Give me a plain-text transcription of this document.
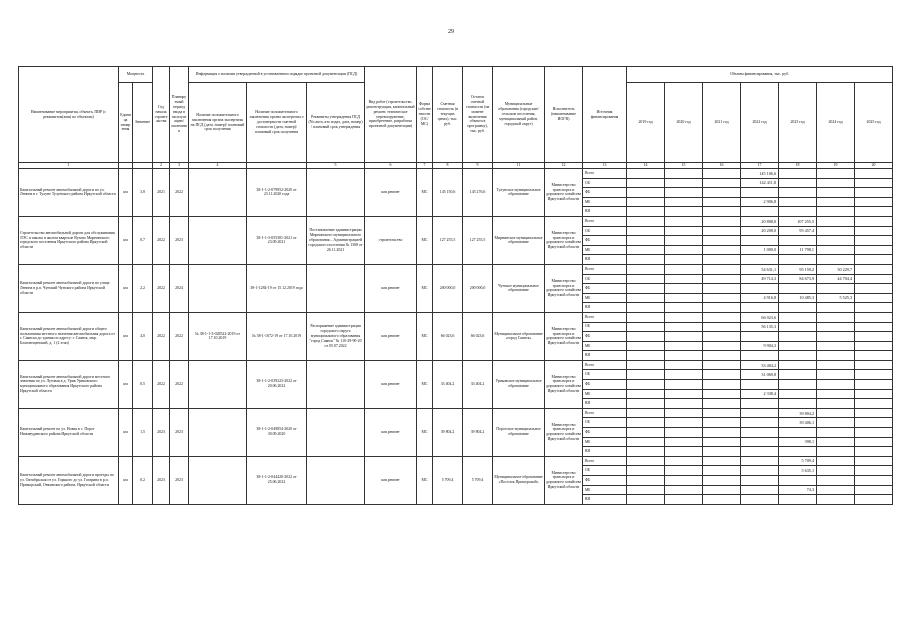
29
Наименование мероприятия, объекта, ПИР (с реквизитом(ами) по объектам)	Мощность		Год начала строительства	Планируемый период ввода в эксплуатацию/окончания	Информация о наличии утвержденной в установленном порядке проектной документации (ПСД)			Вид работ (строительство, реконструкция, капитальный ремонт, техническое перевооружение, приобретение, разработка проектной документации)	Форма собственности (ОС/МС)	Сметная стоимость (в текущих ценах), тыс. руб.	Остаток сметной стоимости (на момент включения объекта в программу), тыс. руб.	Муниципальные образования (городские/сельские поселения, муниципальный район, городской округ)	Исполнитель (наименование ИОГВ)	Источник финансирования	Объемы финансирования, тыс. руб.						
	Единица измерения	Значение			Наличие положительного заключения органа экспертизы на ПСД (дата, номер)/ плановый срок получения	Наличие положительного заключения органа экспертизы о достоверности сметной стоимости (дата, номер)/ плановый срок получения	Реквизиты утверждения ПСД (No акта, кто издал, дата, номер) / плановый срок утверждения								2019 год	2020 год	2021 год	2022 год	2023 год	2024 год	2025 год
1			2	3	4		5	6	7	8	9	11	12	13	14	15	16	17	18	19	20
Капитальный ремонт автомобильной дороги по ул. Ленина в г. Тулуне Тулунского района Иркутской области	км	3,8	2021	2022		38-1-1-2-079952-2020 от 23.11.2020 года		кап.ремонт	МС	145 150,6	145 276,6	Тулунское муниципальное образование	Министерство транспорта и дорожного хозяйства Иркутской области	Всего				145 106,6			
														ОБ				142 411,8			
														ФБ							
														МБ				2 906,8			
														ВИ							
Строительство автомобильной дороги для обслуживания ЛЭС и школы в жилом квартале Вузово Мирнинского городского поселения Иркутского района Иркутской области	км	0,7	2022	2023		38-1-1-3-055381-2021 от 23.09.2021	Постановление администрации Мирнинского муниципального образования – Администрацией городского поселения № 1308 от 26.11.2021	строительство	МС	127 255,5	127 255,5	Мирнинское муниципальное образование	Министерство транспорта и дорожного хозяйства Иркутской области	Всего				20 808,0	107 255,5		
														ОБ				20 208,0	95 457,4		
														ФБ							
														МБ				1 000,0	11 798,1		
														ВИ							
Капитальный ремонт автомобильной дороги по улице Ленина в р.п. Чунский Чунского района Иркутской области	км	2,2	2022	2024		38-1-1284-19 от 15.12.2019 года		кап.ремонт	МС	200 000,0	200 000,0	Чунское муниципальное образование	Министерство транспорта и дорожного хозяйства Иркутской области	Всего				54 631,1	95 159,2	50 229,7	
														ОБ				49 714,3	84 673,9	44 704,4	
														ФБ							
														МБ				4 916,8	10 485,3	5 525,3	
														ВИ							
Капитальный ремонт автомобильной дороги общего пользования местного значения автомобильная дорога от г. Саянска до здания по адресу: г. Саянск, мкр. Благовещенский, д. 1 (2 этап)	км	4,0	2022	2022	№ 38-1-1-3-028522-2019 от 17.10.2019	№ 38-1-1072-19 от 17.10.2019	Распоряжение администрации городского округа муниципального образования "город Саянск" № 110-29-90-20 от 05.07.2022	кап.ремонт	МС	66 023,6	66 023,6	Муниципальное образование «город Саянск»	Министерство транспорта и дорожного хозяйства Иркутской области	Всего				66 023,6			
														ОБ				56 135,3			
														ФБ							
														МБ				9 904,3			
														ВИ							
Капитальный ремонт автомобильной дороги местного значения по ул. Луговая в д. Урик Уриковского муниципального образования Иркутского района Иркутской области	км	0,5	2022	2022		38-1-1-2-039223-2022 от 20.06.2022		кап.ремонт	МС	33 404,2	33 404,2	Уриковское муниципальное образование	Министерство транспорта и дорожного хозяйства Иркутской области	Всего				33 404,2			
														ОБ				31 069,8			
														ФБ							
														МБ				2 338,4			
														ВИ							
Капитальный ремонт по ул. Новая в с. Порог Нижнеудинского района Иркутской области	км	1,5	2023	2023		38-1-1-2-049854-2020 от 30.09.2020		кап.ремонт	МС	39 804,2	39 804,2	Порогское муниципальное образование	Министерство транспорта и дорожного хозяйства Иркутской области	Всего					39 804,2		
														ОБ					39 406,1		
														ФБ							
														МБ					398,1		
														ВИ							
Капитальный ремонт автомобильной дороги проезды по ул. Октябрьская от ул. Горького до ул. Гагарина в р.п. Приморский, Онкинского района, Иркутской области	км	0,2	2023	2023		38-1-1-2-044420-2022 от 25.06.2022		кап.ремонт	МС	5 709,4	5 709,4	Муниципальное образование «Поселок Приморский»	Министерство транспорта и дорожного хозяйства Иркутской области	Всего					5 709,4		
														ОБ					5 635,1		
														ФБ							
														МБ					74,3		
														ВИ							
